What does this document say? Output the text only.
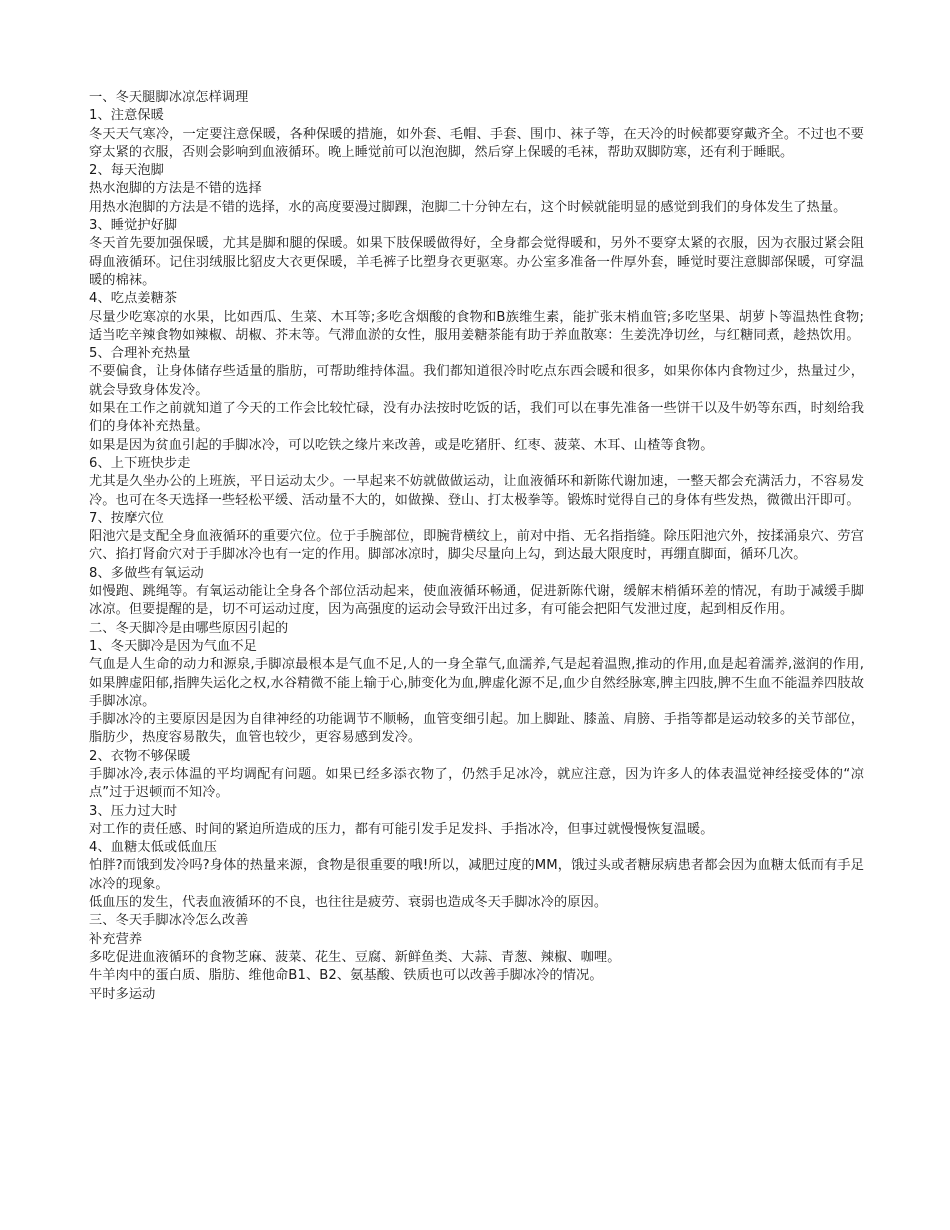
一、冬天腿脚冰凉怎样调理
1、注意保暖
冬天天气寒冷，一定要注意保暖，各种保暖的措施，如外套、毛帽、手套、围巾、袜子等，在天冷的时候都要穿戴齐全。不过也不要穿太紧的衣服，否则会影响到血液循环。晚上睡觉前可以泡泡脚，然后穿上保暖的毛袜，帮助双脚防寒，还有利于睡眠。
2、每天泡脚
热水泡脚的方法是不错的选择
用热水泡脚的方法是不错的选择，水的高度要漫过脚踝，泡脚二十分钟左右，这个时候就能明显的感觉到我们的身体发生了热量。
3、睡觉护好脚
冬天首先要加强保暖，尤其是脚和腿的保暖。如果下肢保暖做得好，全身都会觉得暖和，另外不要穿太紧的衣服，因为衣服过紧会阻碍血液循环。记住羽绒服比貂皮大衣更保暖，羊毛裤子比塑身衣更驱寒。办公室多准备一件厚外套，睡觉时要注意脚部保暖，可穿温暖的棉袜。
4、吃点姜糖茶
尽量少吃寒凉的水果，比如西瓜、生菜、木耳等;多吃含烟酸的食物和B族维生素，能扩张末梢血管;多吃坚果、胡萝卜等温热性食物;适当吃辛辣食物如辣椒、胡椒、芥末等。气滞血淤的女性，服用姜糖茶能有助于养血散寒：生姜洗净切丝，与红糖同煮，趁热饮用。
5、合理补充热量
不要偏食，让身体储存些适量的脂肪，可帮助维持体温。我们都知道很冷时吃点东西会暖和很多，如果你体内食物过少，热量过少，就会导致身体发冷。
如果在工作之前就知道了今天的工作会比较忙碌，没有办法按时吃饭的话，我们可以在事先准备一些饼干以及牛奶等东西，时刻给我们的身体补充热量。
如果是因为贫血引起的手脚冰冷，可以吃铁之缘片来改善，或是吃猪肝、红枣、菠菜、木耳、山楂等食物。
6、上下班快步走
尤其是久坐办公的上班族，平日运动太少。一早起来不妨就做做运动，让血液循环和新陈代谢加速，一整天都会充满活力，不容易发冷。也可在冬天选择一些轻松平缓、活动量不大的，如做操、登山、打太极拳等。锻炼时觉得自己的身体有些发热，微微出汗即可。
7、按摩穴位
阳池穴是支配全身血液循环的重要穴位。位于手腕部位，即腕背横纹上，前对中指、无名指指缝。除压阳池穴外，按揉涌泉穴、劳宫穴、掐打肾俞穴对于手脚冰冷也有一定的作用。脚部冰凉时，脚尖尽量向上勾，到达最大限度时，再绷直脚面，循环几次。
8、多做些有氧运动
如慢跑、跳绳等。有氧运动能让全身各个部位活动起来，使血液循环畅通，促进新陈代谢，缓解末梢循环差的情况，有助于减缓手脚冰凉。但要提醒的是，切不可运动过度，因为高强度的运动会导致汗出过多，有可能会把阳气发泄过度，起到相反作用。
二、冬天脚冷是由哪些原因引起的
1、冬天脚冷是因为气血不足
气血是人生命的动力和源泉,手脚凉最根本是气血不足,人的一身全靠气,血濡养,气是起着温煦,推动的作用,血是起着濡养,滋润的作用,如果脾虚阳郁,指脾失运化之权,水谷精微不能上输于心,肺变化为血,脾虚化源不足,血少自然经脉寒,脾主四肢,脾不生血不能温养四肢故手脚冰凉。
手脚冰冷的主要原因是因为自律神经的功能调节不顺畅，血管变细引起。加上脚趾、膝盖、肩膀、手指等都是运动较多的关节部位，脂肪少，热度容易散失，血管也较少，更容易感到发冷。
2、衣物不够保暖
手脚冰冷,表示体温的平均调配有问题。如果已经多添衣物了，仍然手足冰冷，就应注意，因为许多人的体表温觉神经接受体的“凉点”过于迟顿而不知冷。
3、压力过大时
对工作的责任感、时间的紧迫所造成的压力，都有可能引发手足发抖、手指冰冷，但事过就慢慢恢复温暖。
4、血糖太低或低血压
怕胖?而饿到发冷吗?身体的热量来源，食物是很重要的哦!所以，减肥过度的MM，饿过头或者糖尿病患者都会因为血糖太低而有手足冰冷的现象。
低血压的发生，代表血液循环的不良，也往往是疲劳、衰弱也造成冬天手脚冰冷的原因。
三、冬天手脚冰冷怎么改善
补充营养
多吃促进血液循环的食物芝麻、菠菜、花生、豆腐、新鲜鱼类、大蒜、青葱、辣椒、咖哩。
牛羊肉中的蛋白质、脂肪、维他命B1、B2、氨基酸、铁质也可以改善手脚冰冷的情况。
平时多运动
